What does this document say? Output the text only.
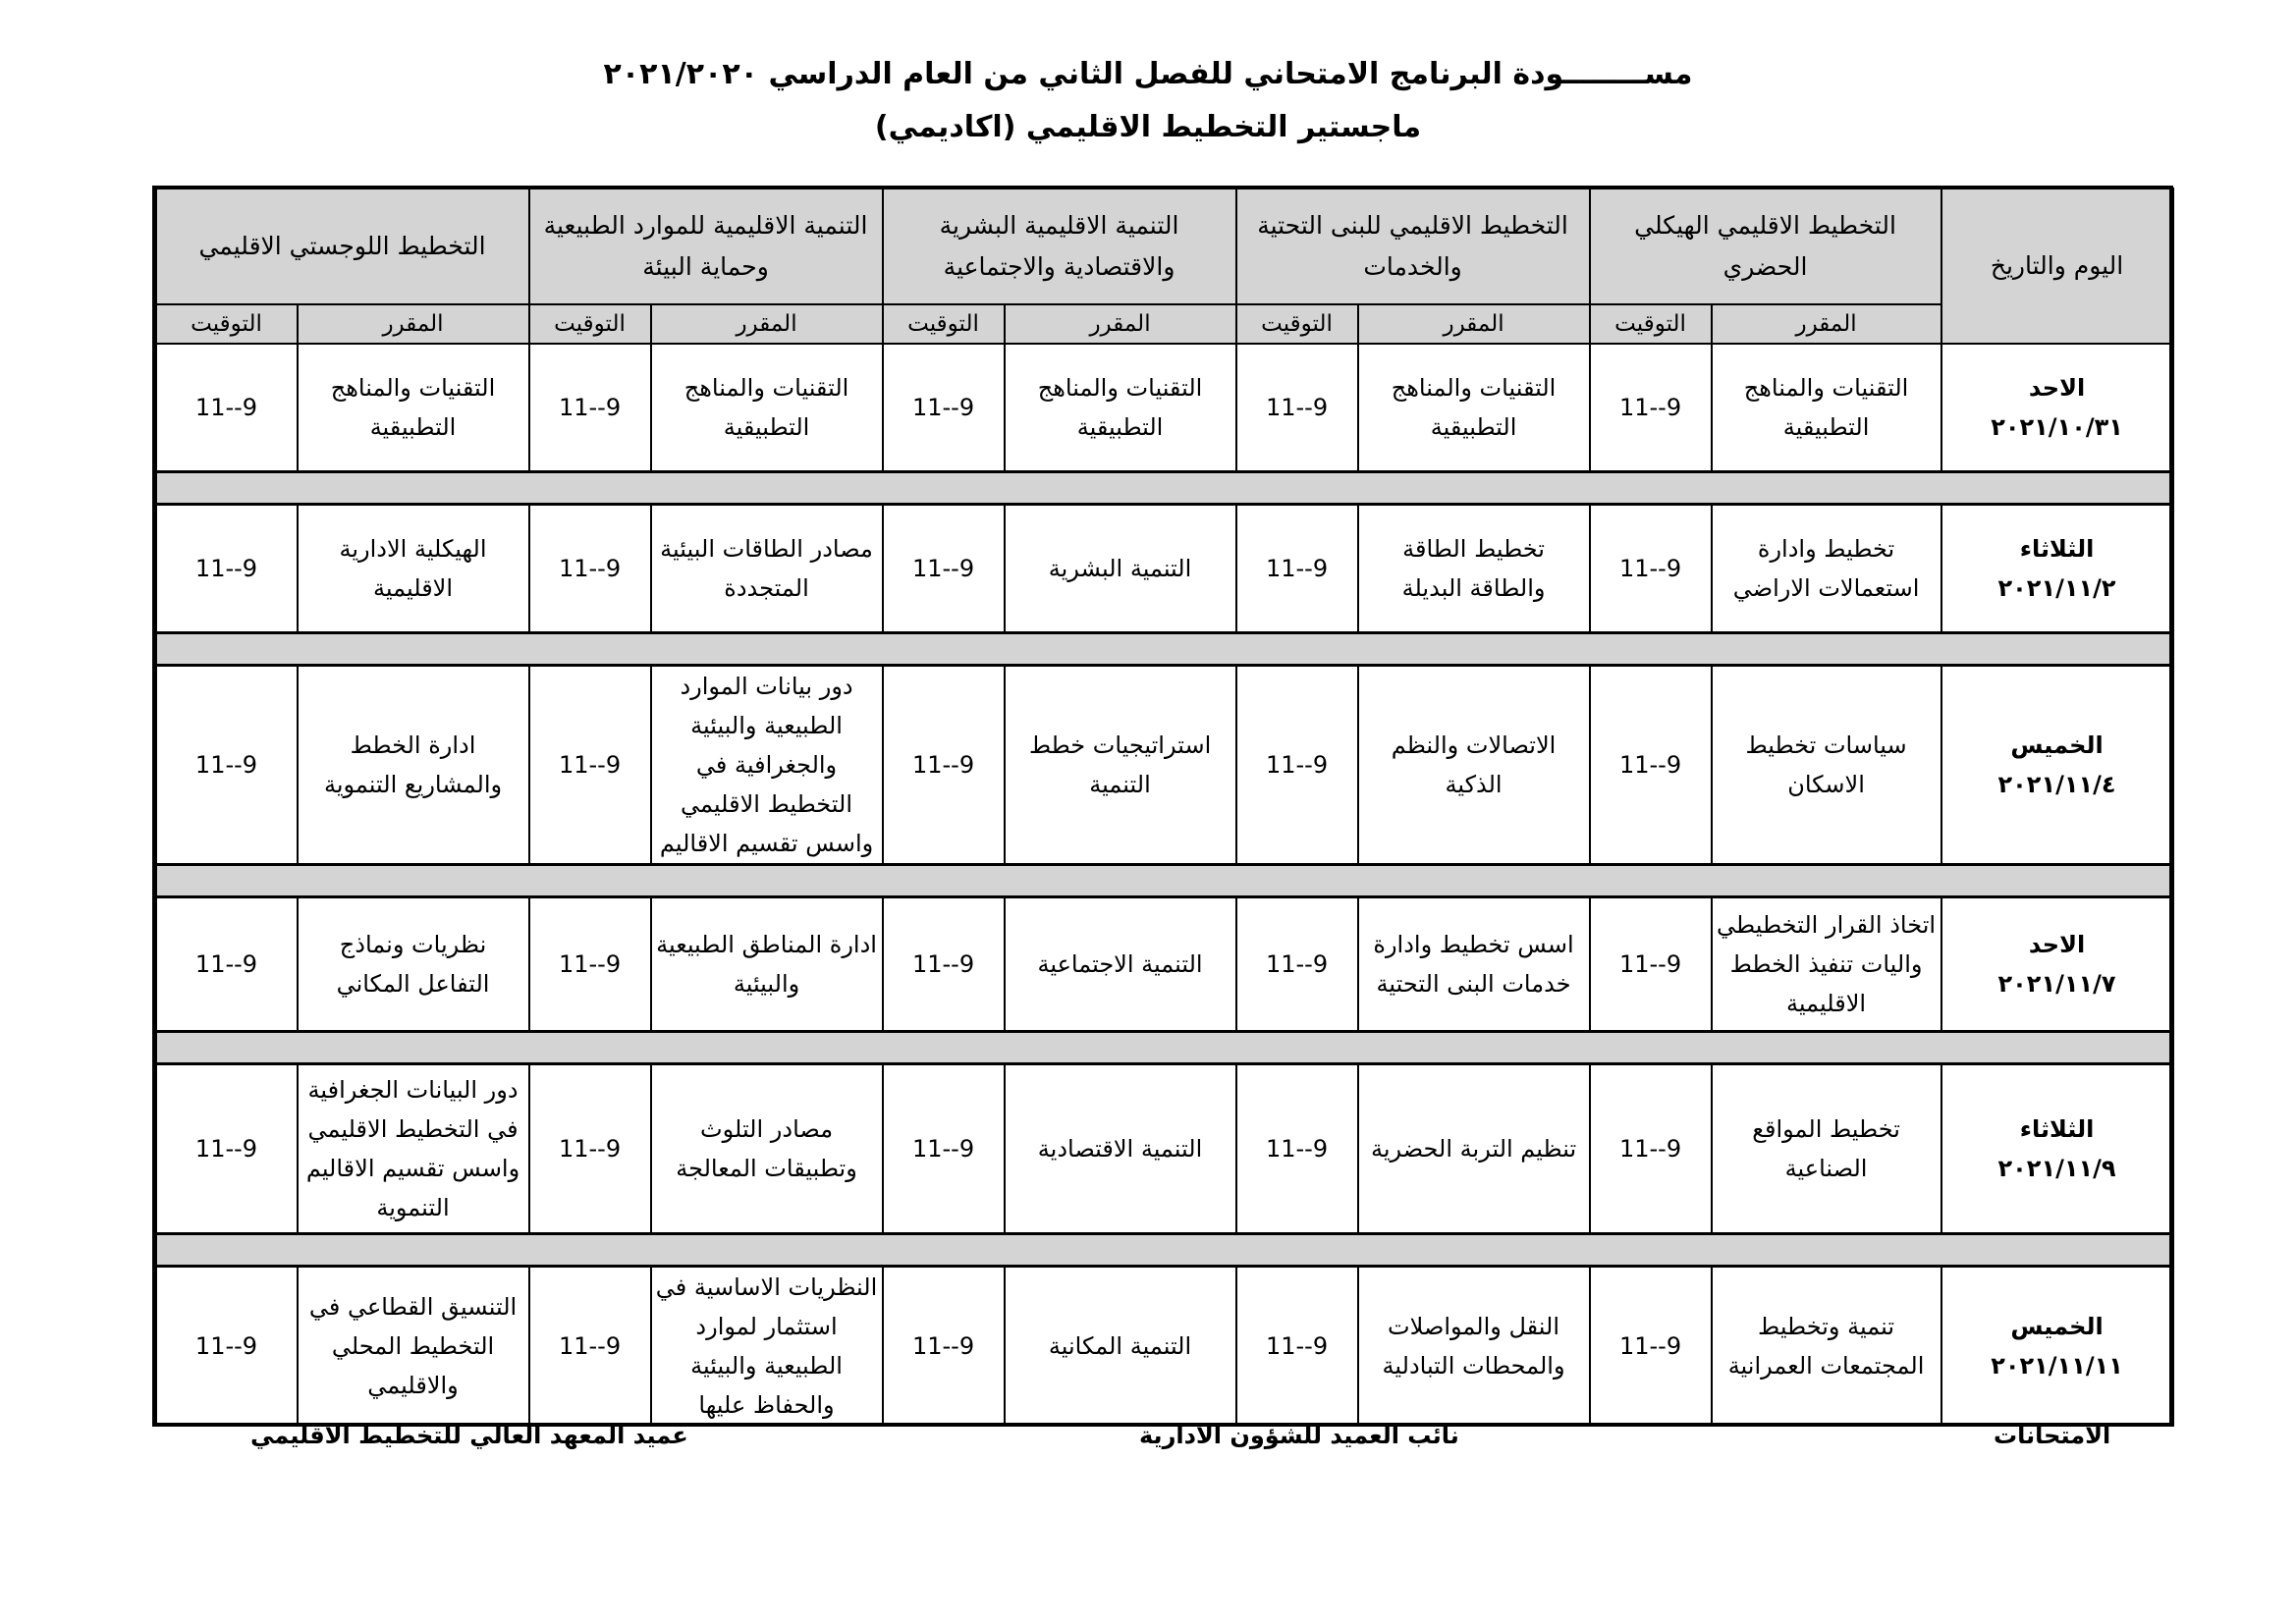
مســــــــودة البرنامج الامتحاني للفصل الثاني من العام الدراسي ٢٠٢١/٢٠٢٠
ماجستير التخطيط الاقليمي (اكاديمي)
اليوم والتاريخ	التخطيط الاقليمي الهيكلي الحضري		التخطيط الاقليمي للبنى التحتية والخدمات		التنمية الاقليمية البشرية والاقتصادية والاجتماعية		التنمية الاقليمية للموارد الطبيعية وحماية البيئة		التخطيط اللوجستي الاقليمي	
	المقرر	التوقيت	المقرر	التوقيت	المقرر	التوقيت	المقرر	التوقيت	المقرر	التوقيت

الاحد
٢٠٢١/١٠/٣١	التقنيات والمناهج التطبيقية	9--11	التقنيات والمناهج التطبيقية	9--11	التقنيات والمناهج التطبيقية	9--11	التقنيات والمناهج التطبيقية	9--11	التقنيات والمناهج التطبيقية	9--11

الثلاثاء
٢٠٢١/١١/٢	تخطيط وادارة استعمالات الاراضي	9--11	تخطيط الطاقة والطاقة البديلة	9--11	التنمية البشرية	9--11	مصادر الطاقات البيئية المتجددة	9--11	الهيكلية الادارية الاقليمية	9--11

الخميس
٢٠٢١/١١/٤	سياسات تخطيط الاسكان	9--11	الاتصالات والنظم الذكية	9--11	استراتيجيات خطط التنمية	9--11	دور بيانات الموارد الطبيعية والبيئية والجغرافية في التخطيط الاقليمي واسس تقسيم الاقاليم	9--11	ادارة الخطط والمشاريع التنموية	9--11

الاحد
٢٠٢١/١١/٧	اتخاذ القرار التخطيطي واليات تنفيذ الخطط الاقليمية	9--11	اسس تخطيط وادارة خدمات البنى التحتية	9--11	التنمية الاجتماعية	9--11	ادارة المناطق الطبيعية والبيئية	9--11	نظريات ونماذج التفاعل المكاني	9--11

الثلاثاء
٢٠٢١/١١/٩	تخطيط المواقع الصناعية	9--11	تنظيم التربة الحضرية	9--11	التنمية الاقتصادية	9--11	مصادر التلوث وتطبيقات المعالجة	9--11	دور البيانات الجغرافية في التخطيط الاقليمي واسس تقسيم الاقاليم التنموية	9--11

الخميس
٢٠٢١/١١/١١	تنمية وتخطيط المجتمعات العمرانية	9--11	النقل والمواصلات والمحطات التبادلية	9--11	التنمية المكانية	9--11	النظريات الاساسية في استثمار لموارد الطبيعية والبيئية والحفاظ عليها	9--11	التنسيق القطاعي في التخطيط المحلي والاقليمي	9--11
الامتحانات
نائب العميد للشؤون الادارية
عميد المعهد العالي للتخطيط الاقليمي
